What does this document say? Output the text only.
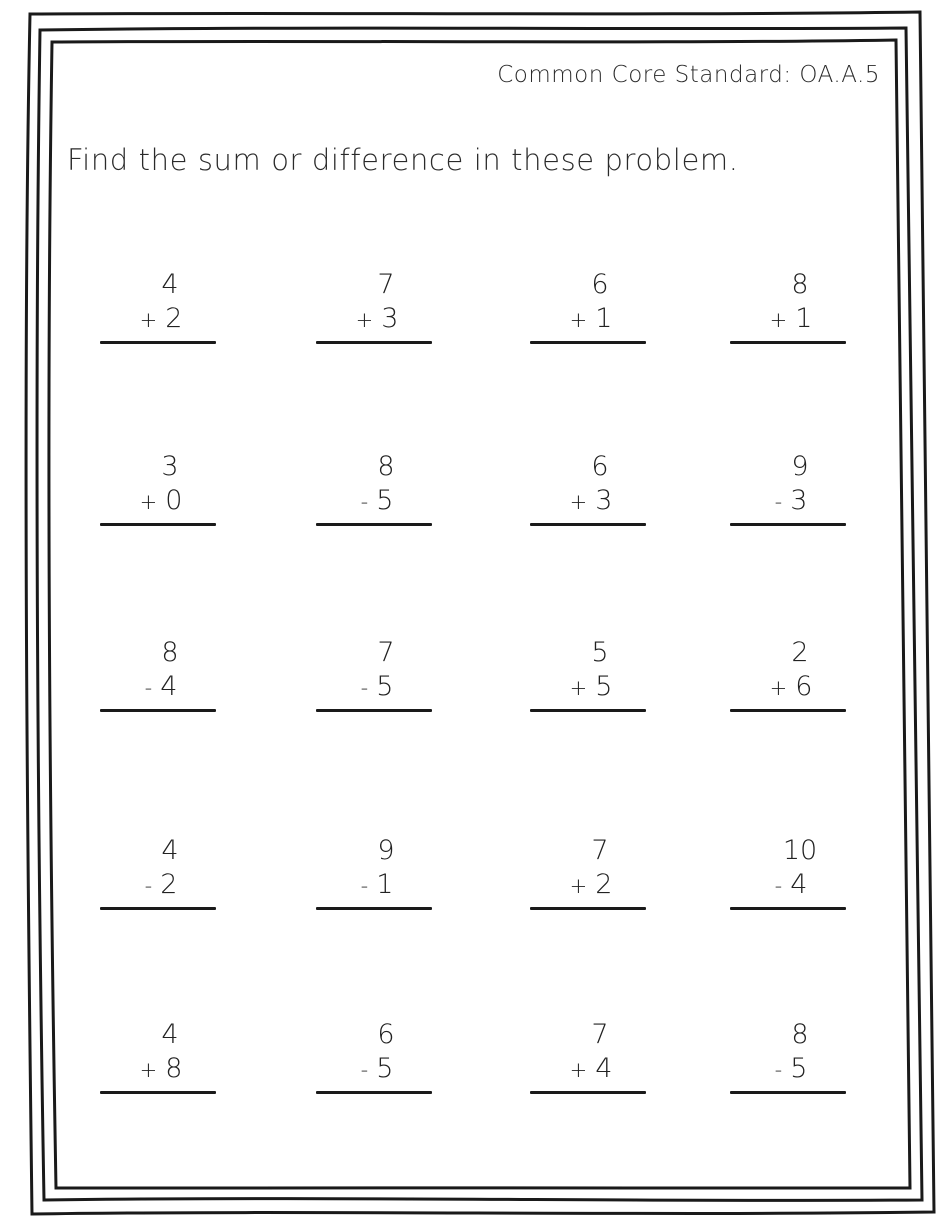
Common Core Standard: OA.A.5
Find the sum or difference in these problem.
4
+ 2
7
+ 3
6
+ 1
8
+ 1
3
+ 0
8
- 5
6
+ 3
9
- 3
8
- 4
7
- 5
5
+ 5
2
+ 6
4
- 2
9
- 1
7
+ 2
10
- 4
4
+ 8
6
- 5
7
+ 4
8
- 5
